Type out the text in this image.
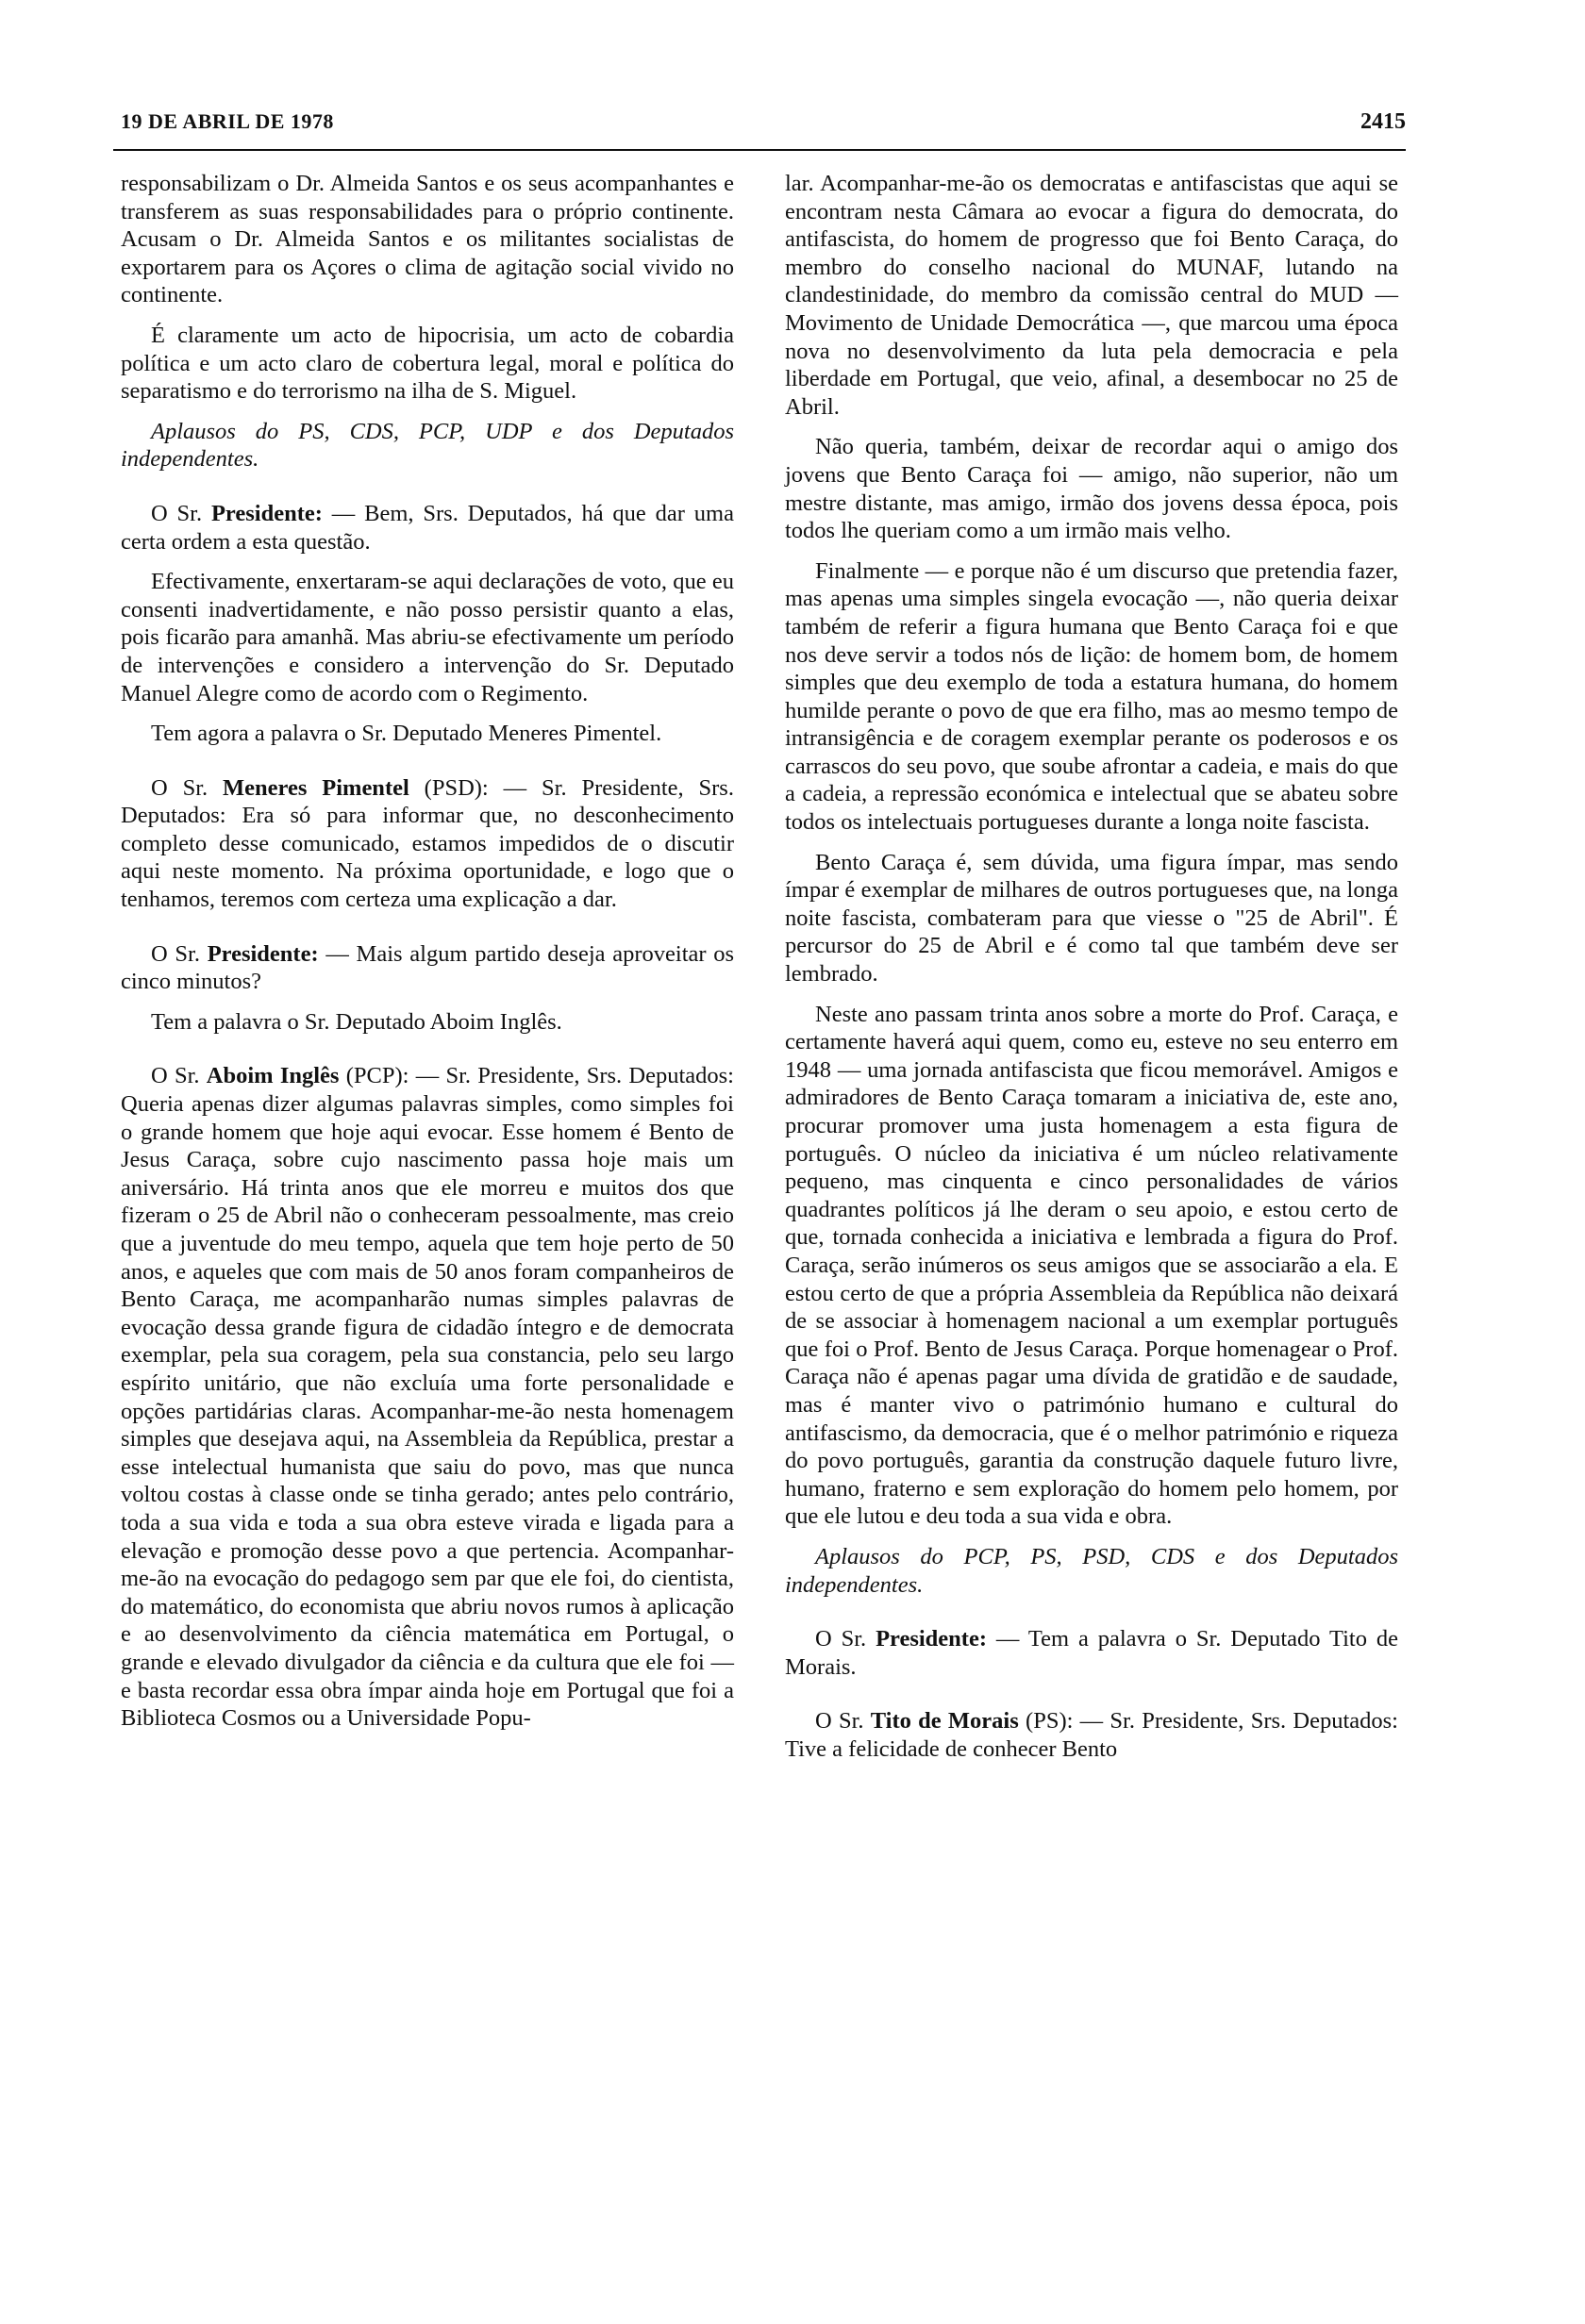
19 DE ABRIL DE 1978	2415

responsabilizam o Dr. Almeida Santos e os seus acompanhantes e transferem as suas responsabilidades para o próprio continente. Acusam o Dr. Almeida Santos e os militantes socialistas de exportarem para os Açores o clima de agitação social vivido no continente.

É claramente um acto de hipocrisia, um acto de cobardia política e um acto claro de cobertura legal, moral e política do separatismo e do terrorismo na ilha de S. Miguel.

Aplausos do PS, CDS, PCP, UDP e dos Deputados independentes.

O Sr. Presidente: — Bem, Srs. Deputados, há que dar uma certa ordem a esta questão.

Efectivamente, enxertaram-se aqui declarações de voto, que eu consenti inadvertidamente, e não posso persistir quanto a elas, pois ficarão para amanhã. Mas abriu-se efectivamente um período de intervenções e considero a intervenção do Sr. Deputado Manuel Alegre como de acordo com o Regimento.

Tem agora a palavra o Sr. Deputado Meneres Pimentel.

O Sr. Meneres Pimentel (PSD): — Sr. Presidente, Srs. Deputados: Era só para informar que, no desconhecimento completo desse comunicado, estamos impedidos de o discutir aqui neste momento. Na próxima oportunidade, e logo que o tenhamos, teremos com certeza uma explicação a dar.

O Sr. Presidente: — Mais algum partido deseja aproveitar os cinco minutos?

Tem a palavra o Sr. Deputado Aboim Inglês.

O Sr. Aboim Inglês (PCP): — Sr. Presidente, Srs. Deputados: Queria apenas dizer algumas palavras simples, como simples foi o grande homem que hoje aqui evocar. Esse homem é Bento de Jesus Caraça, sobre cujo nascimento passa hoje mais um aniversário. Há trinta anos que ele morreu e muitos dos que fizeram o 25 de Abril não o conheceram pessoalmente, mas creio que a juventude do meu tempo, aquela que tem hoje perto de 50 anos, e aqueles que com mais de 50 anos foram companheiros de Bento Caraça, me acompanharão numas simples palavras de evocação dessa grande figura de cidadão íntegro e de democrata exemplar, pela sua coragem, pela sua constancia, pelo seu largo espírito unitário, que não excluía uma forte personalidade e opções partidárias claras. Acompanhar-me-ão nesta homenagem simples que desejava aqui, na Assembleia da República, prestar a esse intelectual humanista que saiu do povo, mas que nunca voltou costas à classe onde se tinha gerado; antes pelo contrário, toda a sua vida e toda a sua obra esteve virada e ligada para a elevação e promoção desse povo a que pertencia. Acompanhar-me-ão na evocação do pedagogo sem par que ele foi, do cientista, do matemático, do economista que abriu novos rumos à aplicação e ao desenvolvimento da ciência matemática em Portugal, o grande e elevado divulgador da ciência e da cultura que ele foi — e basta recordar essa obra ímpar ainda hoje em Portugal que foi a Biblioteca Cosmos ou a Universidade Popu-

lar. Acompanhar-me-ão os democratas e antifascistas que aqui se encontram nesta Câmara ao evocar a figura do democrata, do antifascista, do homem de progresso que foi Bento Caraça, do membro do conselho nacional do MUNAF, lutando na clandestinidade, do membro da comissão central do MUD — Movimento de Unidade Democrática —, que marcou uma época nova no desenvolvimento da luta pela democracia e pela liberdade em Portugal, que veio, afinal, a desembocar no 25 de Abril.

Não queria, também, deixar de recordar aqui o amigo dos jovens que Bento Caraça foi — amigo, não superior, não um mestre distante, mas amigo, irmão dos jovens dessa época, pois todos lhe queriam como a um irmão mais velho.

Finalmente — e porque não é um discurso que pretendia fazer, mas apenas uma simples singela evocação —, não queria deixar também de referir a figura humana que Bento Caraça foi e que nos deve servir a todos nós de lição: de homem bom, de homem simples que deu exemplo de toda a estatura humana, do homem humilde perante o povo de que era filho, mas ao mesmo tempo de intransigência e de coragem exemplar perante os poderosos e os carrascos do seu povo, que soube afrontar a cadeia, e mais do que a cadeia, a repressão económica e intelectual que se abateu sobre todos os intelectuais portugueses durante a longa noite fascista.

Bento Caraça é, sem dúvida, uma figura ímpar, mas sendo ímpar é exemplar de milhares de outros portugueses que, na longa noite fascista, combateram para que viesse o "25 de Abril". É percursor do 25 de Abril e é como tal que também deve ser lembrado.

Neste ano passam trinta anos sobre a morte do Prof. Caraça, e certamente haverá aqui quem, como eu, esteve no seu enterro em 1948 — uma jornada antifascista que ficou memorável. Amigos e admiradores de Bento Caraça tomaram a iniciativa de, este ano, procurar promover uma justa homenagem a esta figura de português. O núcleo da iniciativa é um núcleo relativamente pequeno, mas cinquenta e cinco personalidades de vários quadrantes políticos já lhe deram o seu apoio, e estou certo de que, tornada conhecida a iniciativa e lembrada a figura do Prof. Caraça, serão inúmeros os seus amigos que se associarão a ela. E estou certo de que a própria Assembleia da República não deixará de se associar à homenagem nacional a um exemplar português que foi o Prof. Bento de Jesus Caraça. Porque homenagear o Prof. Caraça não é apenas pagar uma dívida de gratidão e de saudade, mas é manter vivo o património humano e cultural do antifascismo, da democracia, que é o melhor património e riqueza do povo português, garantia da construção daquele futuro livre, humano, fraterno e sem exploração do homem pelo homem, por que ele lutou e deu toda a sua vida e obra.

Aplausos do PCP, PS, PSD, CDS e dos Deputados independentes.

O Sr. Presidente: — Tem a palavra o Sr. Deputado Tito de Morais.

O Sr. Tito de Morais (PS): — Sr. Presidente, Srs. Deputados: Tive a felicidade de conhecer Bento
